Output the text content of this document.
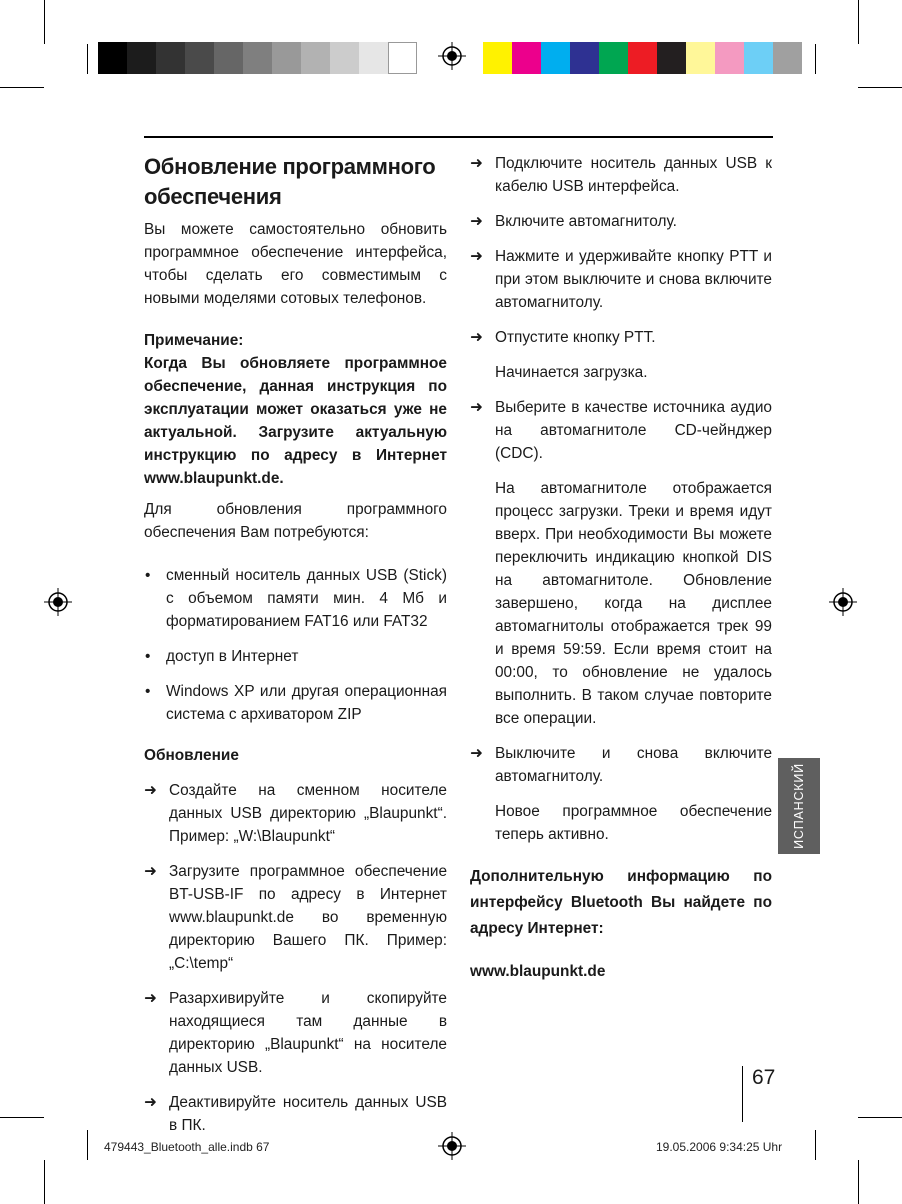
Обновление программного
обеспечения

Вы можете самостоятельно обновить программное обеспечение интерфейса, чтобы сделать его совместимым с новыми моделями сотовых телефонов.

Примечание:

Когда Вы обновляете программное обеспечение, данная инструкция по эксплуатации может оказаться уже не актуальной. Загрузите актуальную инструкцию по адресу в Интернет www.blaupunkt.de.

Для обновления программного обеспечения Вам потребуются:

• сменный носитель данных USB (Stick) с объемом памяти мин. 4 Мб и форматированием FAT16 или FAT32
• доступ в Интернет
• Windows XP или другая операционная система с архиватором ZIP

Обновление

➜ Создайте на сменном носителе данных USB директорию „Blaupunkt“. Пример: „W:\Blaupunkt“
➜ Загрузите программное обеспечение BT-USB-IF по адресу в Интернет www.blaupunkt.de во временную директорию Вашего ПК. Пример: „C:\temp“
➜ Разархивируйте и скопируйте находящиеся там данные в директорию „Blaupunkt“ на носителе данных USB.
➜ Деактивируйте носитель данных USB в ПК.
➜ Подключите носитель данных USB к кабелю USB интерфейса.
➜ Включите автомагнитолу.
➜ Нажмите и удерживайте кнопку PTT и при этом выключите и снова включите автомагнитолу.
➜ Отпустите кнопку PTT.

Начинается загрузка.

➜ Выберите в качестве источника аудио на автомагнитоле CD-чейнджер (CDC).

На автомагнитоле отображается процесс загрузки. Треки и время идут вверх. При необходимости Вы можете переключить индикацию кнопкой DIS на автомагнитоле. Обновление завершено, когда на дисплее автомагнитолы отображается трек 99 и время 59:59. Если время стоит на 00:00, то обновление не удалось выполнить. В таком случае повторите все операции.

➜ Выключите и снова включите автомагнитолу.

Новое программное обеспечение теперь активно.

Дополнительную информацию по интерфейсу Bluetooth Вы найдете по адресу Интернет:

www.blaupunkt.de

ИСПАНСКИЙ
67
479443_Bluetooth_alle.indb 67	19.05.2006 9:34:25 Uhr
